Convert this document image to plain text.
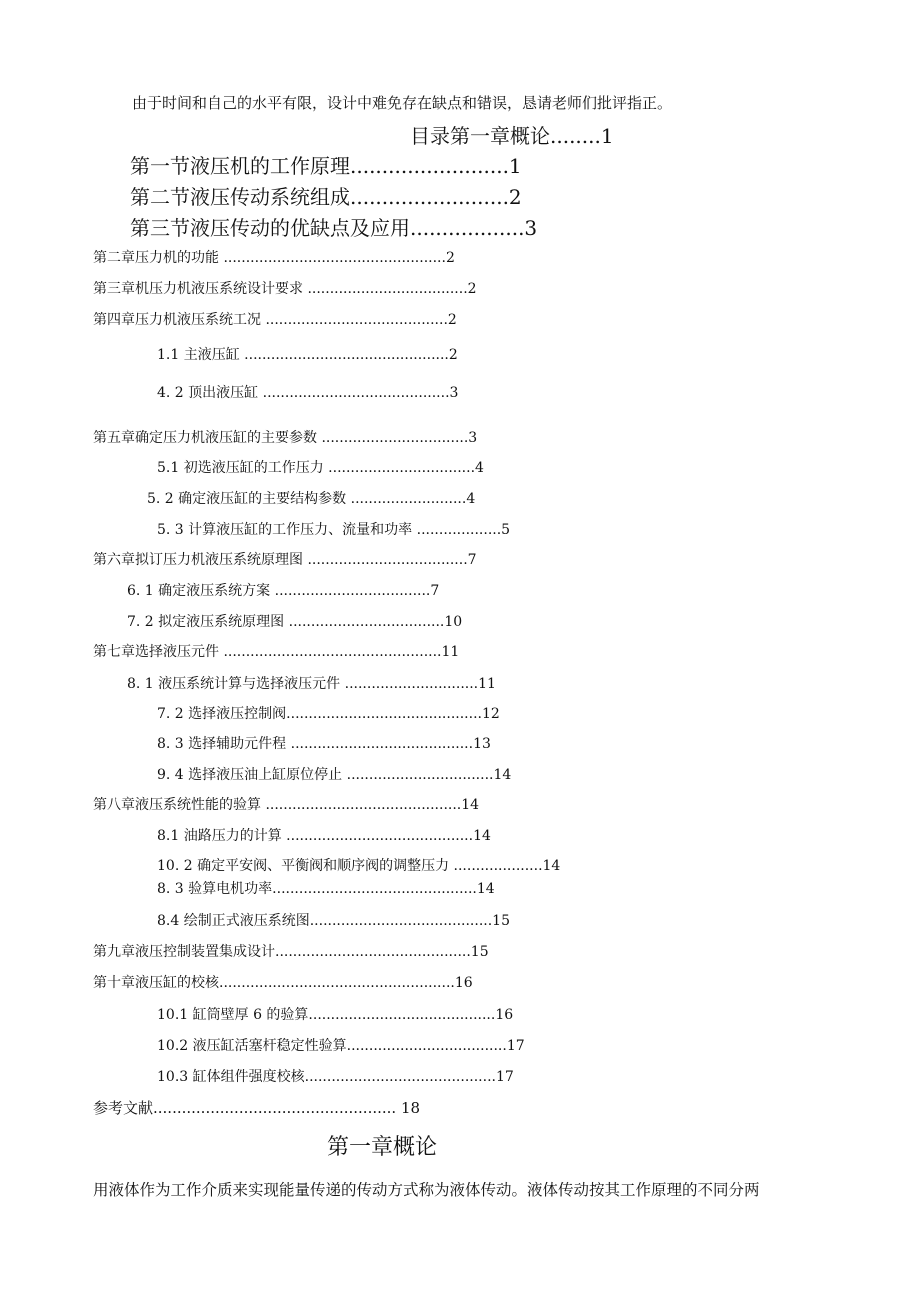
由于时间和自己的水平有限，设计中难免存在缺点和错误，恳请老师们批评指正。
目录第一章概论........1
第一节液压机的工作原理.........................1
第二节液压传动系统组成.........................2
第三节液压传动的优缺点及应用..................3
第二章压力机的功能 ..................................................2
第三章机压力机液压系统设计要求 ....................................2
第四章压力机液压系统工况 .........................................2
1.1 主液压缸 ..............................................2
4. 2 顶出液压缸 ..........................................3
第五章确定压力机液压缸的主要参数 .................................3
5.1 初选液压缸的工作压力 .................................4
5. 2 确定液压缸的主要结构参数 ..........................4
5. 3 计算液压缸的工作压力、流量和功率 ...................5
第六章拟订压力机液压系统原理图 ....................................7
6. 1 确定液压系统方案 ...................................7
7. 2 拟定液压系统原理图 ...................................10
第七章选择液压元件 .................................................11
8. 1 液压系统计算与选择液压元件 ..............................11
7. 2 选择液压控制阀............................................12
8. 3 选择辅助元件程 .........................................13
9. 4 选择液压油上缸原位停止 .................................14
第八章液压系统性能的验算 ............................................14
8.1 油路压力的计算 ..........................................14
10. 2 确定平安阀、平衡阀和顺序阀的调整压力 ....................14
8. 3 验算电机功率..............................................14
8.4 绘制正式液压系统图.........................................15
第九章液压控制装置集成设计............................................15
第十章液压缸的校核.....................................................16
10.1 缸筒壁厚 6 的验算..........................................16
10.2 液压缸活塞杆稳定性验算....................................17
10.3 缸体组件强度校核...........................................17
参考文献................................................... 18
第一章概论
用液体作为工作介质来实现能量传递的传动方式称为液体传动。液体传动按其工作原理的不同分两
